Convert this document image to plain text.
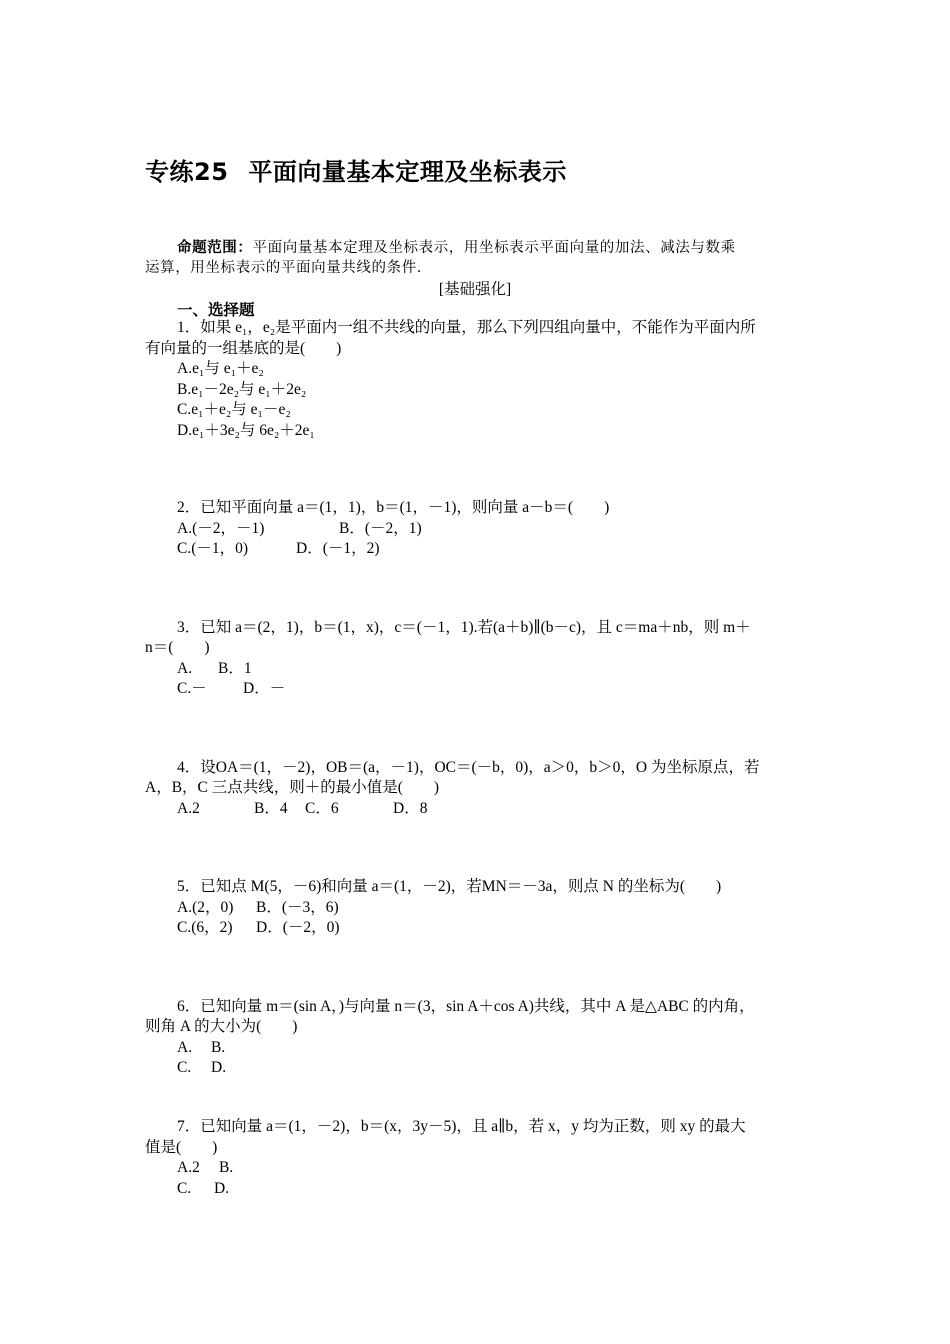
专练25 平面向量基本定理及坐标表示
命题范围：平面向量基本定理及坐标表示，用坐标表示平面向量的加法、减法与数乘
运算，用坐标表示的平面向量共线的条件.
[基础强化]
一、选择题
1．如果 e₁，e₂是平面内一组不共线的向量，那么下列四组向量中，不能作为平面内所
有向量的一组基底的是(　　)
A.e₁与 e₁＋e₂
B.e₁－2e₂与 e₁＋2e₂
C.e₁＋e₂与 e₁－e₂
D.e₁＋3e₂与 6e₂＋2e₁
2．已知平面向量 a＝(1，1)，b＝(1，－1)，则向量 a－b＝(　　)
A.(－2，－1)	B．(－2，1)
C.(－1，0)	D．(－1，2)
3．已知 a＝(2，1)，b＝(1，x)，c＝(－1，1).若(a＋b)∥(b－c)，且 c＝ma＋nb，则 m＋
n＝(　　)
A. B．1
C.－ D．－
4．设OA＝(1，－2)，OB＝(a，－1)，OC＝(－b，0)，a＞0，b＞0，O 为坐标原点，若
A，B，C 三点共线，则＋的最小值是(　　)
A.2	B．4 C．6	D．8
5．已知点 M(5，－6)和向量 a＝(1，－2)，若MN＝－3a，则点 N 的坐标为(　　)
A.(2，0) B．(－3，6)
C.(6，2) D．(－2，0)
6．已知向量 m＝(sin A，)与向量 n＝(3，sin A＋cos A)共线，其中 A 是△ABC 的内角，
则角 A 的大小为(　　)
A. B.
C. D.
7．已知向量 a＝(1，－2)，b＝(x，3y－5)，且 a∥b，若 x，y 均为正数，则 xy 的最大
值是(　　)
A.2 B.
C. D.
